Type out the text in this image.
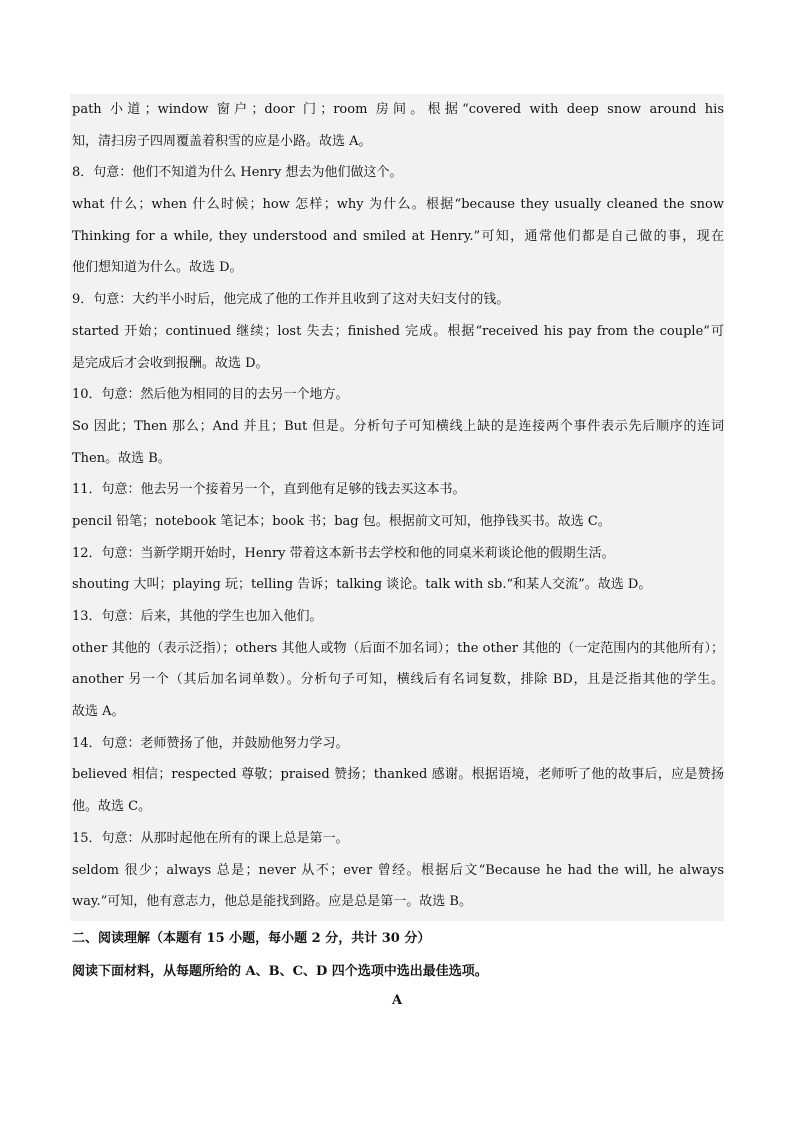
path 小道；window 窗户；door 门；room 房间。根据“covered with deep snow around his
知，清扫房子四周覆盖着积雪的应是小路。故选 A。
8．句意：他们不知道为什么 Henry 想去为他们做这个。
what 什么；when 什么时候；how 怎样；why 为什么。根据“because they usually cleaned the snow
Thinking for a while, they understood and smiled at Henry.”可知，通常他们都是自己做的事，现在
他们想知道为什么。故选 D。
9．句意：大约半小时后，他完成了他的工作并且收到了这对夫妇支付的钱。
started 开始；continued 继续；lost 失去；finished 完成。根据“received his pay from the couple”可
是完成后才会收到报酬。故选 D。
10．句意：然后他为相同的目的去另一个地方。
So 因此；Then 那么；And 并且；But 但是。分析句子可知横线上缺的是连接两个事件表示先后顺序的连词
Then。故选 B。
11．句意：他去另一个接着另一个，直到他有足够的钱去买这本书。
pencil 铅笔；notebook 笔记本；book 书；bag 包。根据前文可知，他挣钱买书。故选 C。
12．句意：当新学期开始时，Henry 带着这本新书去学校和他的同桌米莉谈论他的假期生活。
shouting 大叫；playing 玩；telling 告诉；talking 谈论。talk with sb.“和某人交流”。故选 D。
13．句意：后来，其他的学生也加入他们。
other 其他的（表示泛指）；others 其他人或物（后面不加名词）；the other 其他的（一定范围内的其他所有）；
another 另一个（其后加名词单数）。分析句子可知，横线后有名词复数，排除 BD，且是泛指其他的学生。
故选 A。
14．句意：老师赞扬了他，并鼓励他努力学习。
believed 相信；respected 尊敬；praised 赞扬；thanked 感谢。根据语境，老师听了他的故事后，应是赞扬
他。故选 C。
15．句意：从那时起他在所有的课上总是第一。
seldom 很少；always 总是；never 从不；ever 曾经。根据后文“Because he had the will, he always
way.”可知，他有意志力，他总是能找到路。应是总是第一。故选 B。
二、阅读理解（本题有 15 小题，每小题 2 分，共计 30 分）
阅读下面材料，从每题所给的 A、B、C、D 四个选项中选出最佳选项。
A
